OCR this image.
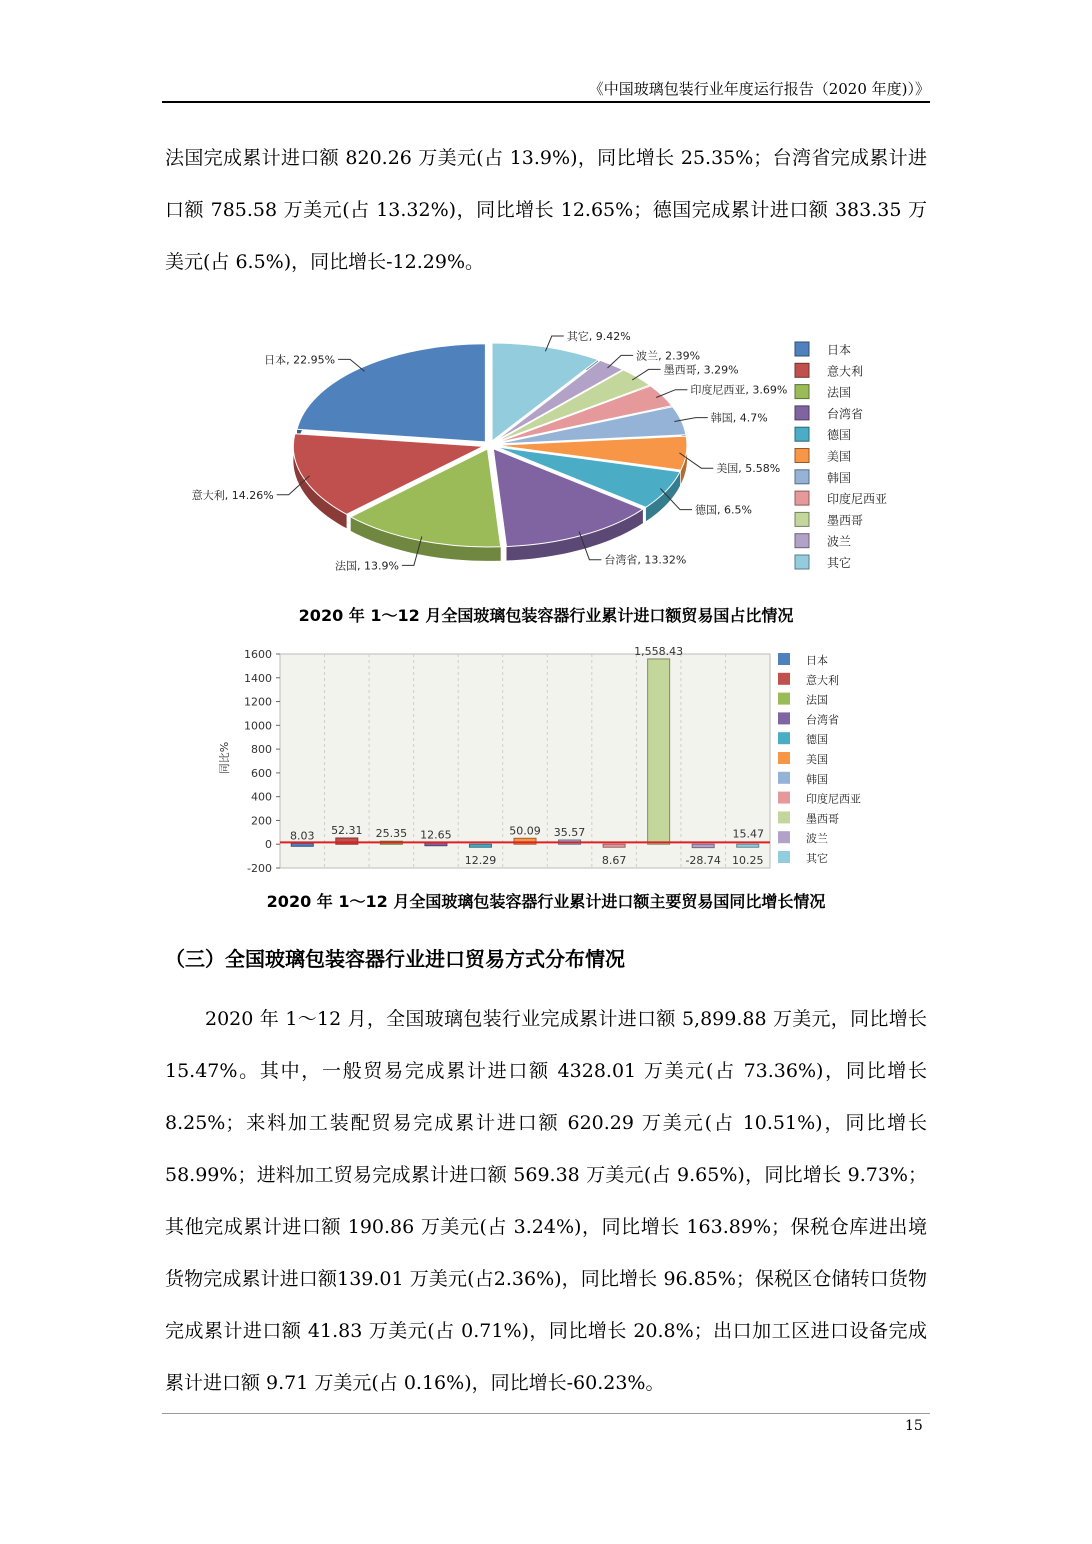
《中国玻璃包装行业年度运行报告（2020 年度)）》

法国完成累计进口额 820.26 万美元(占 13.9%)，同比增长 25.35%；台湾省完成累计进口额 785.58 万美元(占 13.32%)，同比增长 12.65%；德国完成累计进口额 383.35 万美元(占 6.5%)，同比增长-12.29%。

日本, 22.95%
意大利, 14.26%
法国, 13.9%	台湾省, 13.32%
德国, 6.5%
美国, 5.58%
韩国, 4.7%
印度尼西亚, 3.69%
墨西哥, 3.29%
波兰, 2.39%
其它, 9.42%
日本
意大利
法国
台湾省
德国
美国
韩国
印度尼西亚
墨西哥
波兰
其它
2020 年 1～12 月全国玻璃包装容器行业累计进口额贸易国占比情况
1600
1400
1200
1000
800
600
400
200
0
-200
同比%
8.03 52.31 25.35 12.65
12.29
50.09 35.57
8.67
1,558.43
-28.74 10.25
15.47
日本
意大利
法国
台湾省
德国
美国
韩国
印度尼西亚
墨西哥
波兰
其它
2020 年 1～12 月全国玻璃包装容器行业累计进口额主要贸易国同比增长情况
（三）全国玻璃包装容器行业进口贸易方式分布情况

2020 年 1～12 月，全国玻璃包装行业完成累计进口额 5,899.88 万美元，同比增长 15.47%。其中，一般贸易完成累计进口额 4328.01 万美元(占 73.36%)，同比增长 8.25%；来料加工装配贸易完成累计进口额 620.29 万美元(占 10.51%)，同比增长 58.99%；进料加工贸易完成累计进口额 569.38 万美元(占 9.65%)，同比增长 9.73%；其他完成累计进口额 190.86 万美元(占 3.24%)，同比增长 163.89%；保税仓库进出境货物完成累计进口额139.01 万美元(占2.36%)，同比增长 96.85%；保税区仓储转口货物完成累计进口额 41.83 万美元(占 0.71%)，同比增长 20.8%；出口加工区进口设备完成累计进口额 9.71 万美元(占 0.16%)，同比增长-60.23%。

15
